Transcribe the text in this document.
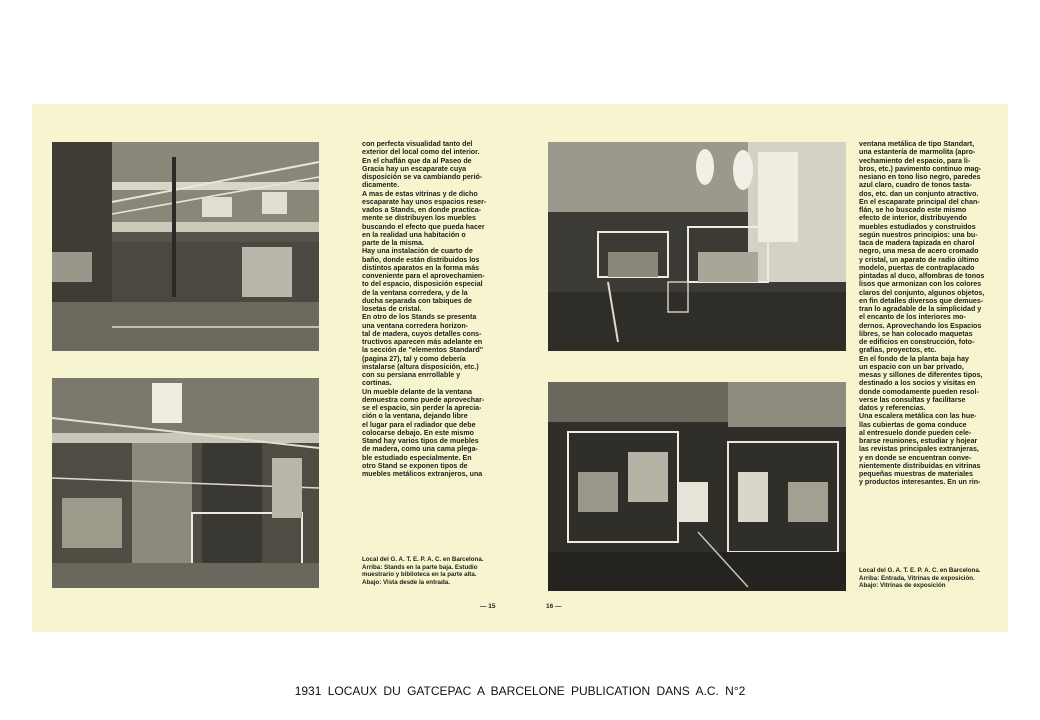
con perfecta visualidad tanto del
exterior del local como del interior.
En el chaflán que da al Paseo de
Gracia hay un escaparate cuya
disposición se va cambiando perió-
dicamente.
A mas de estas vitrinas y de dicho
escaparate hay unos espacios reser-
vados a Stands, en donde practica-
mente se distribuyen los muebles
buscando el efecto que pueda hacer
en la realidad una habitación o
parte de la misma.
Hay una instalación de cuarto de
baño, donde están distribuidos los
distintos aparatos en la forma más
conveniente para el aprovechamien-
to del espacio, disposición especial
de la ventana corredera, y de la
ducha separada con tabiques de
losetas de cristal.
En otro de los Stands se presenta
una ventana corredera horizon-
tal de madera, cuyos detalles cons-
tructivos aparecen más adelante en
la sección de "elementos Standard"
(pagina 27), tal y como debería
instalarse (altura disposición, etc.)
con su persiana enrrollable y
cortinas.
Un mueble delante de la ventana
demuestra como puede aprovechar-
se el espacio, sin perder la aprecia-
ción o la ventana, dejando libre
el lugar para el radiador que debe
colocarse debajo. En este mismo
Stand hay varios tipos de muebles
de madera, como una cama plega-
ble estudiado especialmente. En
otro Stand se exponen tipos de
muebles metálicos extranjeros, una
Local del G. A. T. E. P. A. C. en Barcelona.
Arriba: Stands en la parte baja. Estudio
muestrario y biblioteca en la parte alta.
Abajo: Vista desde la entrada.
— 15
ventana metálica de tipo Standart,
una estantería de marmolita (apro-
vechamiento del espacio, para li-
bros, etc.) pavimento continuo mag-
nesiano en tono liso negro, paredes
azul claro, cuadro de tonos tasta-
dos, etc. dan un conjunto atractivo.
En el escaparate principal del chan-
flán, se ho buscado este mismo
efecto de interior, distribuyendo
muebles estudiados y construidos
según nuestros principios: una bu-
taca de madera tapizada en charol
negro, una mesa de acero cromado
y cristal, un aparato de radio último
modelo, puertas de contraplacado
pintadas al duco, alfombras de tonos
lisos que armonizan con los colores
claros del conjunto, algunos objetos,
en fin detalles diversos que demues-
tran lo agradable de la simplicidad y
el encanto de los interiores mo-
dernos. Aprovechando los Espacios
libres, se han colocado maquetas
de edificios en construcción, foto-
grafías, proyectos, etc.
En el fondo de la planta baja hay
un espacio con un bar privado,
mesas y sillones de diferentes tipos,
destinado a los socios y visitas en
donde comodamente pueden resol-
verse las consultas y facilitarse
datos y referencias.
Una escalera metálica con las hue-
llas cubiertas de goma conduce
al entresuelo donde pueden cele-
brarse reuniones, estudiar y hojear
las revistas principales extranjeras,
y en donde se encuentran conve-
nientemente distribuidas en vitrinas
pequeñas muestras de materiales
y productos interesantes. En un rin-
Local del G. A. T. E. P. A. C. en Barcelona.
Arriba: Entrada, Vitrinas de exposición.
Abajo: Vitrinas de exposición
16 —
1931 LOCAUX DU GATCEPAC A BARCELONE PUBLICATION DANS A.C. N°2
